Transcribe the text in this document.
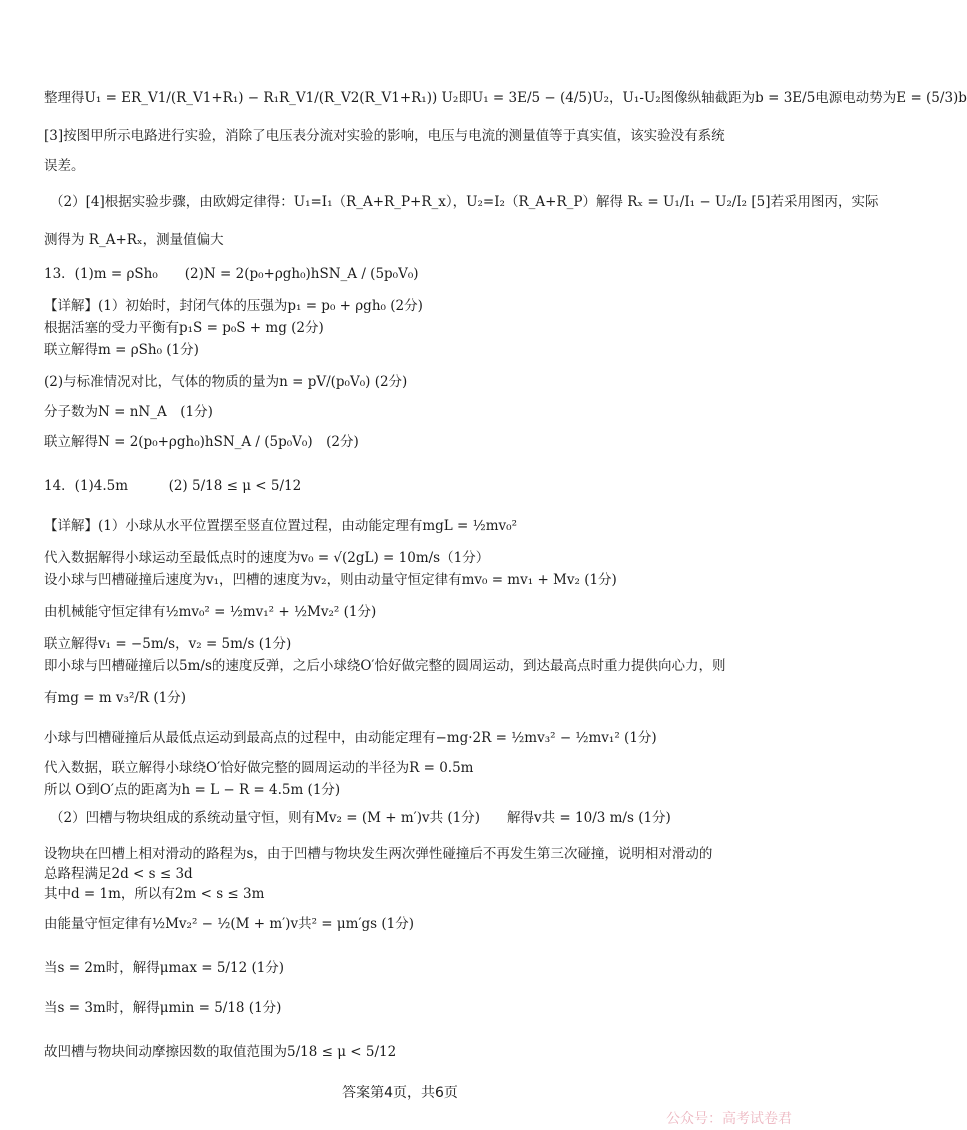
整理得U₁ = ER_V1/(R_V1+R₁) − R₁R_V1/(R_V2(R_V1+R₁)) U₂即U₁ = 3E/5 − (4/5)U₂，U₁-U₂图像纵轴截距为b = 3E/5电源电动势为E = (5/3)b
[3]按图甲所示电路进行实验，消除了电压表分流对实验的影响，电压与电流的测量值等于真实值，该实验没有系统
误差。
（2）[4]根据实验步骤，由欧姆定律得：U₁=I₁（R_A+R_P+R_x），U₂=I₂（R_A+R_P）解得 Rₓ = U₁/I₁ − U₂/I₂ [5]若采用图丙，实际
测得为 R_A+Rₓ，测量值偏大
13．(1)m = ρSh₀　　(2)N = 2(p₀+ρgh₀)hSN_A / (5p₀V₀)
【详解】(1）初始时，封闭气体的压强为p₁ = p₀ + ρgh₀ (2分)
根据活塞的受力平衡有p₁S = p₀S + mg (2分)
联立解得m = ρSh₀ (1分)
(2)与标准情况对比，气体的物质的量为n = pV/(p₀V₀) (2分)
分子数为N = nN_A　(1分)
联立解得N = 2(p₀+ρgh₀)hSN_A / (5p₀V₀)　(2分)
14．(1)4.5m　　　(2) 5/18 ≤ μ < 5/12
【详解】(1）小球从水平位置摆至竖直位置过程，由动能定理有mgL = ½mv₀²
代入数据解得小球运动至最低点时的速度为v₀ = √(2gL) = 10m/s（1分）
设小球与凹槽碰撞后速度为v₁，凹槽的速度为v₂，则由动量守恒定律有mv₀ = mv₁ + Mv₂ (1分)
由机械能守恒定律有½mv₀² = ½mv₁² + ½Mv₂² (1分)
联立解得v₁ = −5m/s，v₂ = 5m/s (1分)
即小球与凹槽碰撞后以5m/s的速度反弹，之后小球绕O′恰好做完整的圆周运动，到达最高点时重力提供向心力，则
有mg = m v₃²/R (1分)
小球与凹槽碰撞后从最低点运动到最高点的过程中，由动能定理有−mg·2R = ½mv₃² − ½mv₁² (1分)
代入数据，联立解得小球绕O′恰好做完整的圆周运动的半径为R = 0.5m
所以 O到O′点的距离为h = L − R = 4.5m (1分)
（2）凹槽与物块组成的系统动量守恒，则有Mv₂ = (M + m′)v共 (1分)　　解得v共 = 10/3 m/s (1分)
设物块在凹槽上相对滑动的路程为s，由于凹槽与物块发生两次弹性碰撞后不再发生第三次碰撞，说明相对滑动的
总路程满足2d < s ≤ 3d
其中d = 1m，所以有2m < s ≤ 3m
由能量守恒定律有½Mv₂² − ½(M + m′)v共² = μm′gs (1分)
当s = 2m时，解得μmax = 5/12 (1分)
当s = 3m时，解得μmin = 5/18 (1分)
故凹槽与物块间动摩擦因数的取值范围为5/18 ≤ μ < 5/12
答案第4页，共6页
公众号：高考试卷君
